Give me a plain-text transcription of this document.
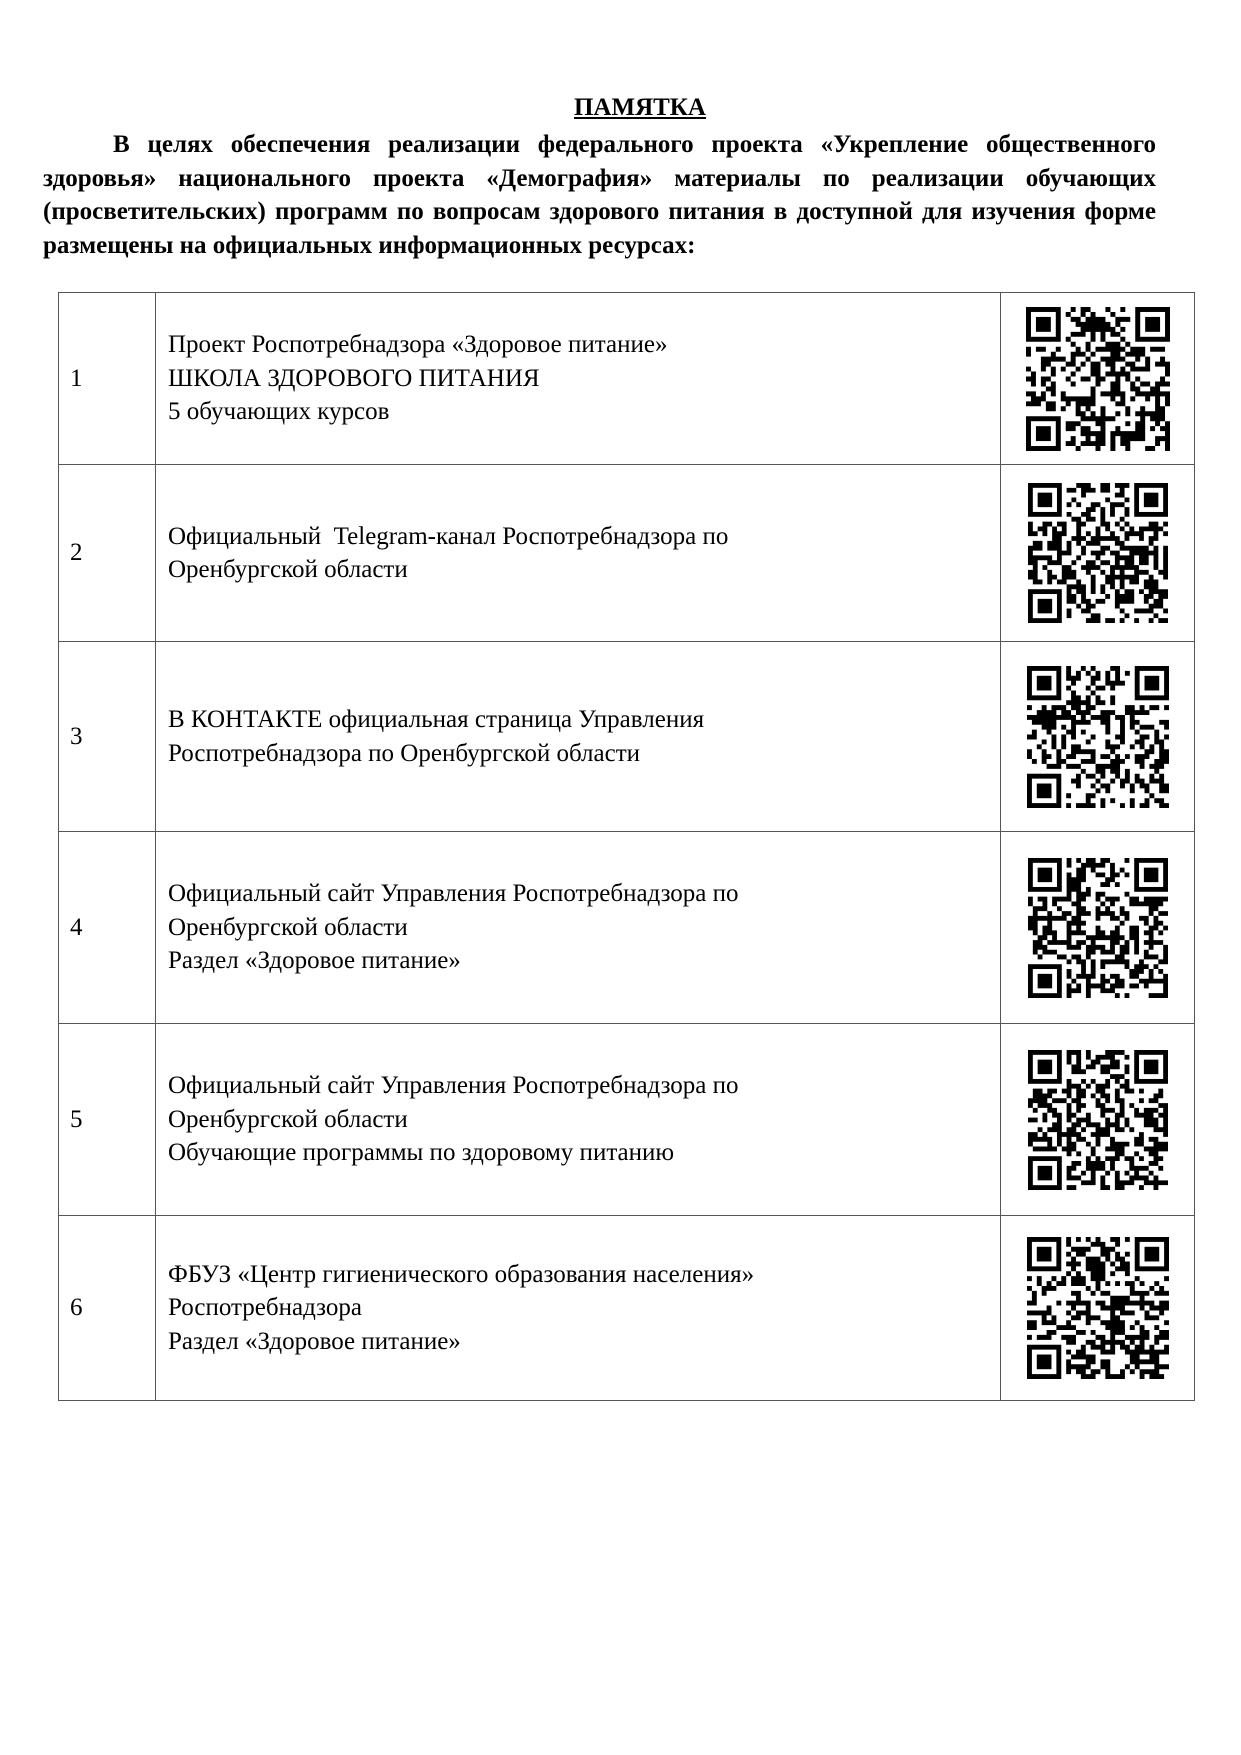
ПАМЯТКА
В целях обеспечения реализации федерального проекта «Укрепление общественного здоровья» национального проекта «Демография» материалы по реализации обучающих (просветительских) программ по вопросам здорового питания в доступной для изучения форме размещены на официальных информационных ресурсах:
1	Проект Роспотребнадзора «Здоровое питание»
ШКОЛА ЗДОРОВОГО ПИТАНИЯ
5 обучающих курсов

2	Официальный  Telegram-канал Роспотребнадзора по
Оренбургской области

3	В КОНТАКТЕ официальная страница Управления
Роспотребнадзора по Оренбургской области

4	Официальный сайт Управления Роспотребнадзора по
Оренбургской области
Раздел «Здоровое питание»

5	Официальный сайт Управления Роспотребнадзора по
Оренбургской области
Обучающие программы по здоровому питанию

6	ФБУЗ «Центр гигиенического образования населения»
Роспотребнадзора
Раздел «Здоровое питание»
